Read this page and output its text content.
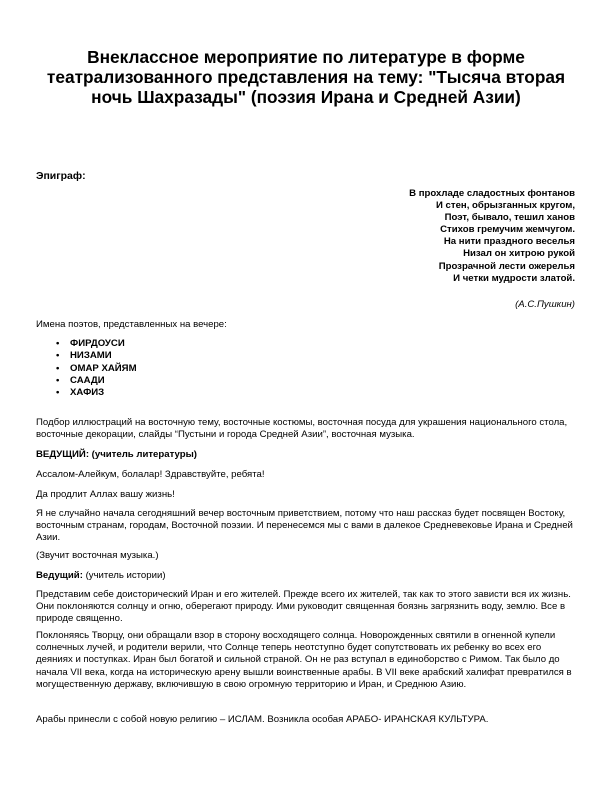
Внеклассное мероприятие по литературе в форме театрализованного представления на тему: "Тысяча вторая ночь Шахразады" (поэзия Ирана и Средней Азии)
Эпиграф:
В прохладе сладостных фонтанов
И стен, обрызганных кругом,
Поэт, бывало, тешил ханов
Стихов гремучим жемчугом.
На нити праздного веселья
Низал он хитрою рукой
Прозрачной лести ожерелья
И четки мудрости златой.
(А.С.Пушкин)
Имена поэтов, представленных на вечере:
• ФИРДОУСИ
• НИЗАМИ
• ОМАР ХАЙЯМ
• СААДИ
• ХАФИЗ
Подбор иллюстраций на восточную тему, восточные костюмы, восточная посуда для украшения национального стола, восточные декорации, слайды “Пустыни и города Средней Азии”, восточная музыка.
ВЕДУЩИЙ: (учитель литературы)
Ассалом-Алейкум, болалар! Здравствуйте, ребята!
Да продлит Аллах вашу жизнь!
Я не случайно начала сегодняшний вечер восточным приветствием, потому что наш рассказ будет посвящен Востоку, восточным странам, городам, Восточной поэзии. И перенесемся мы с вами в далекое Средневековье Ирана и Средней Азии.
(Звучит восточная музыка.)
Ведущий: (учитель истории)
Представим себе доисторический Иран и его жителей. Прежде всего их жителей, так как то этого зависти вся их жизнь. Они поклоняются солнцу и огню, оберегают природу. Ими руководит священная боязнь загрязнить воду, землю. Все в природе священно.
Поклоняясь Творцу, они обращали взор в сторону восходящего солнца. Новорожденных святили в огненной купели солнечных лучей, и родители верили, что Солнце теперь неотступно будет сопутствовать их ребенку во всех его деяниях и поступках. Иран был богатой и сильной страной. Он не раз вступал в единоборство с Римом. Так было до начала VII века, когда на историческую арену вышли воинственные арабы. В VII веке арабский халифат превратился в могущественную державу, включившую в свою огромную территорию и Иран, и Среднюю Азию.
Арабы принесли с собой новую религию – ИСЛАМ. Возникла особая АРАБО- ИРАНСКАЯ КУЛЬТУРА.
